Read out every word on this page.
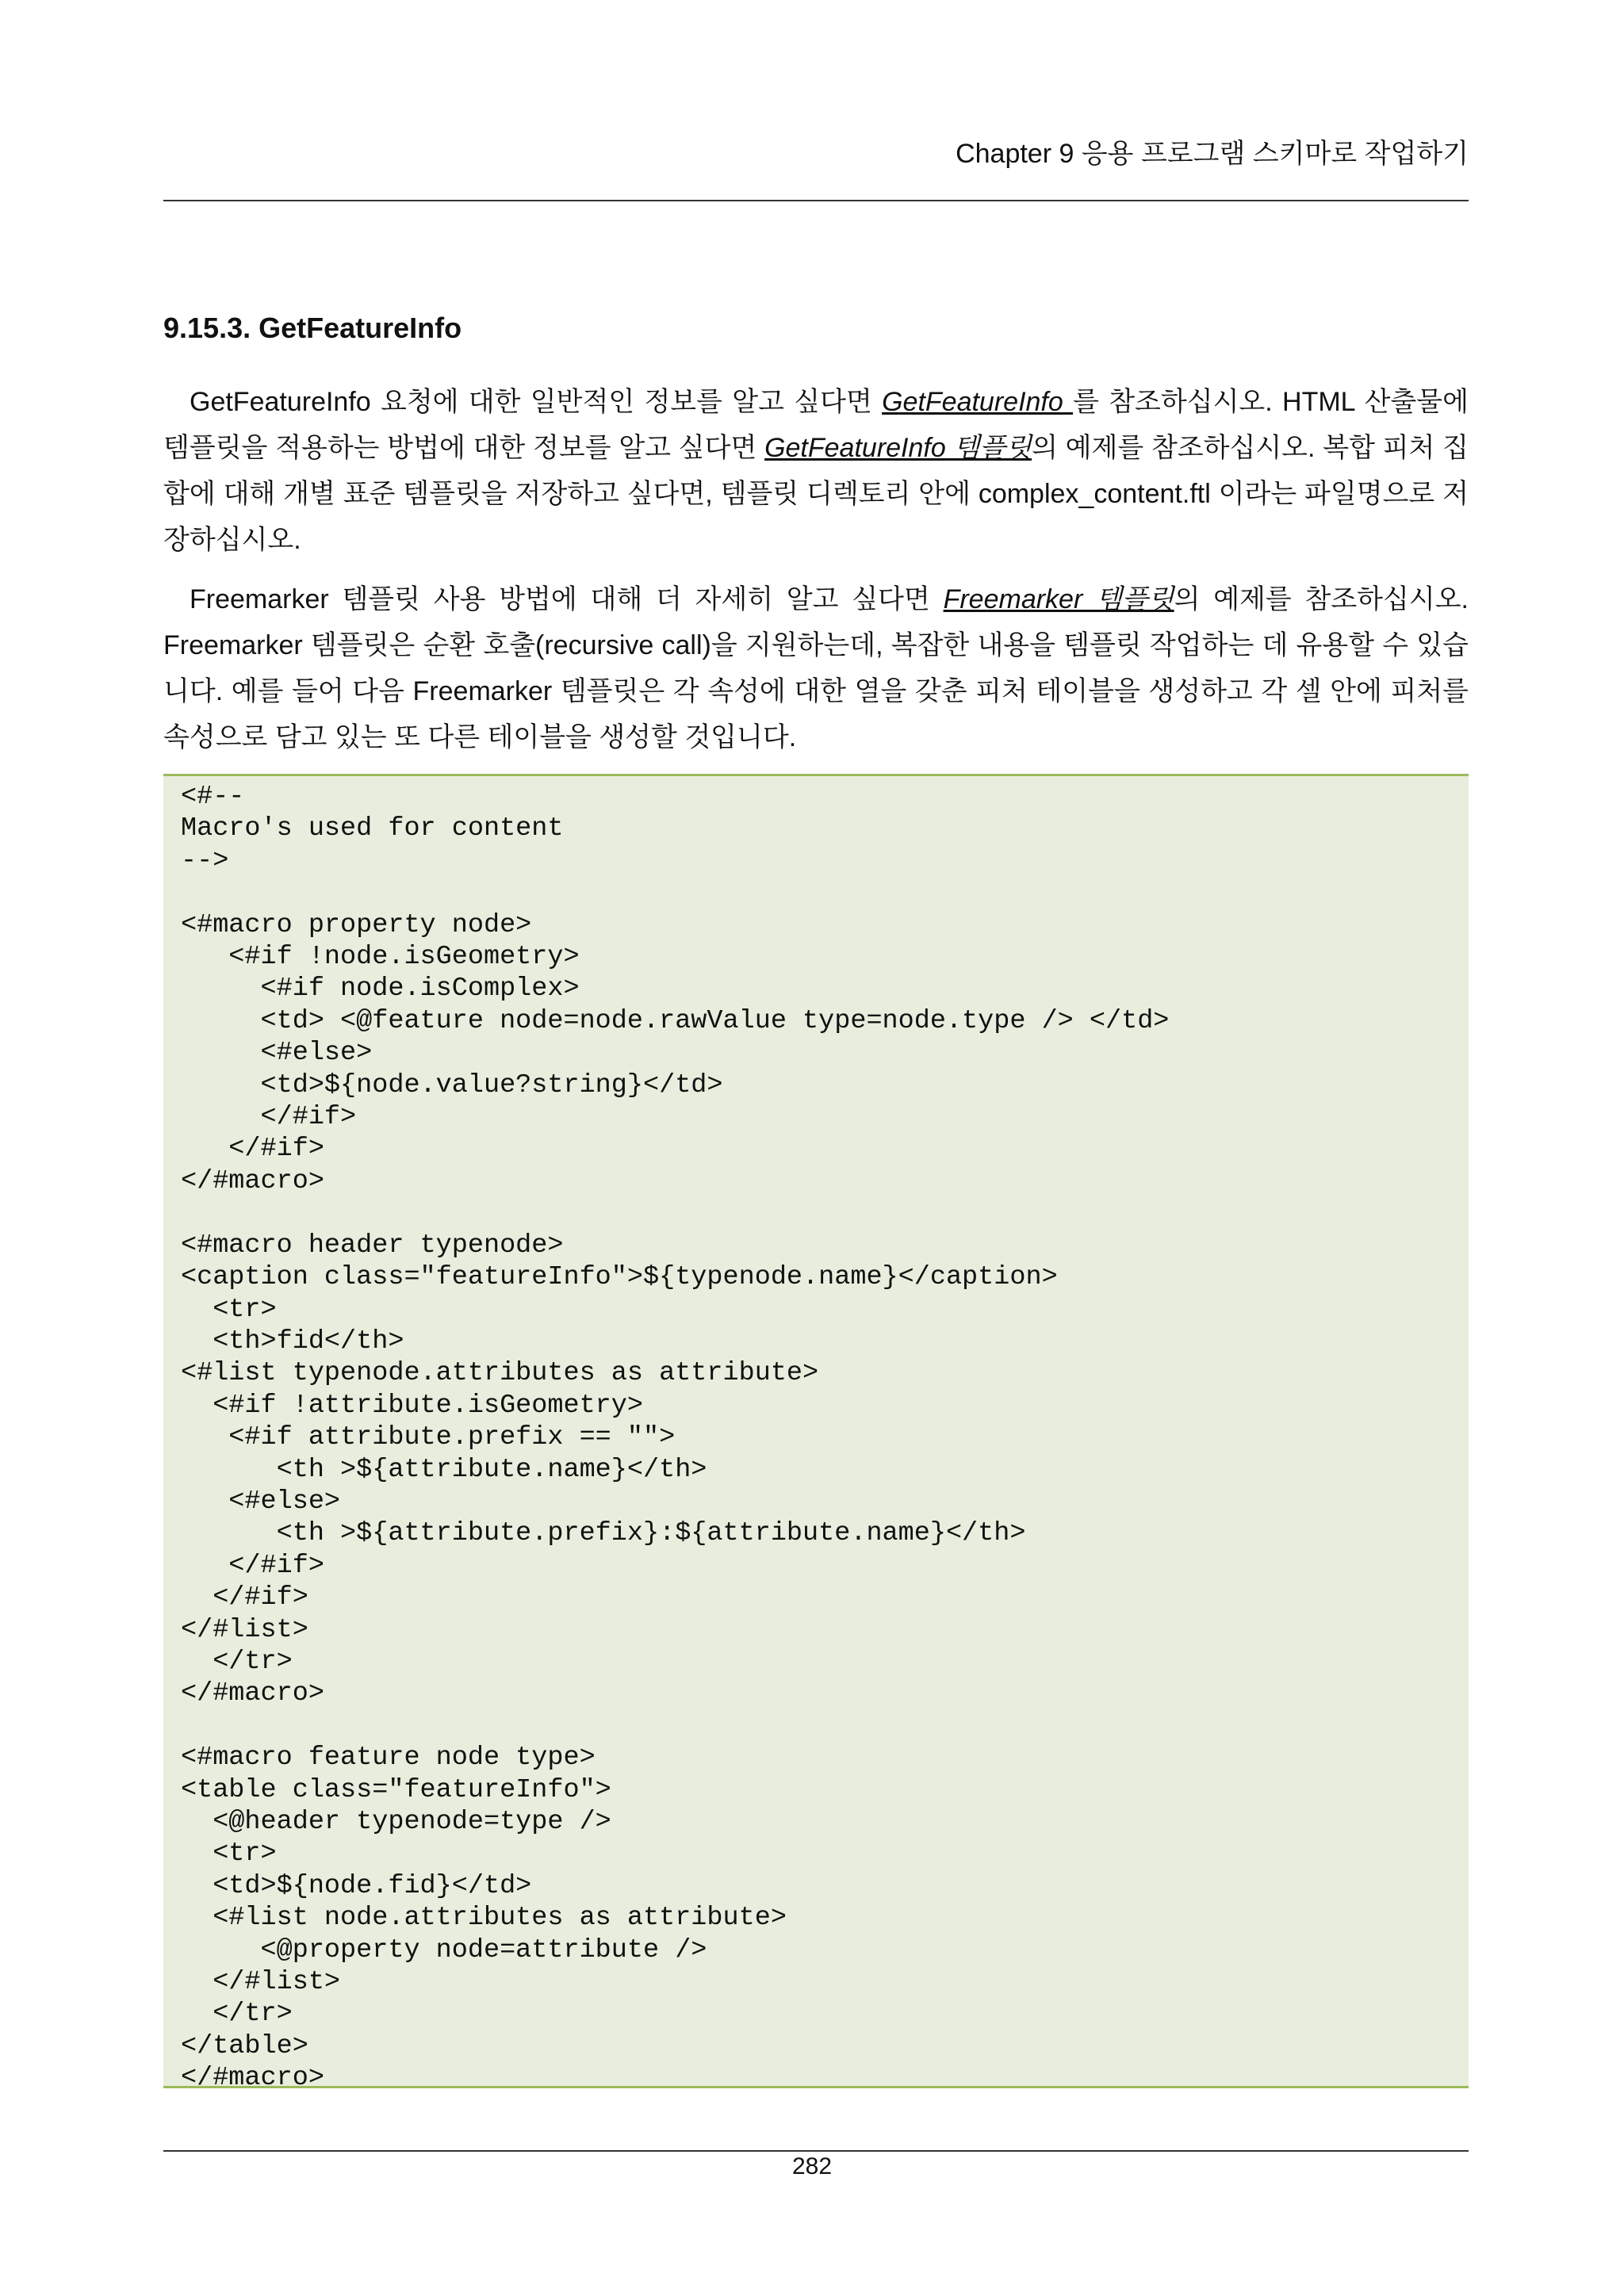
Chapter 9 응용 프로그램 스키마로 작업하기
9.15.3. GetFeatureInfo
GetFeatureInfo 요청에 대한 일반적인 정보를 알고 싶다면 GetFeatureInfo 를 참조하십시오. HTML 산출물에 템플릿을 적용하는 방법에 대한 정보를 알고 싶다면 GetFeatureInfo 템플릿의 예제를 참조하십시오. 복합 피처 집합에 대해 개별 표준 템플릿을 저장하고 싶다면, 템플릿 디렉토리 안에 complex_content.ftl 이라는 파일명으로 저장하십시오.
Freemarker 템플릿 사용 방법에 대해 더 자세히 알고 싶다면 Freemarker 템플릿의 예제를 참조하십시오. Freemarker 템플릿은 순환 호출(recursive call)을 지원하는데, 복잡한 내용을 템플릿 작업하는 데 유용할 수 있습니다. 예를 들어 다음 Freemarker 템플릿은 각 속성에 대한 열을 갖춘 피처 테이블을 생성하고 각 셀 안에 피처를 속성으로 담고 있는 또 다른 테이블을 생성할 것입니다.
<#--
Macro's used for content
-->

<#macro property node>
<#if !node.isGeometry>
<#if node.isComplex>
<td> <@feature node=node.rawValue type=node.type /> </td>
<#else>
<td>${node.value?string}</td>
</#if>
</#if>
</#macro>

<#macro header typenode>
<caption class="featureInfo">${typenode.name}</caption>
<tr>
<th>fid</th>
<#list typenode.attributes as attribute>
<#if !attribute.isGeometry>
<#if attribute.prefix == "">
<th >${attribute.name}</th>
<#else>
<th >${attribute.prefix}:${attribute.name}</th>
</#if>
</#if>
</#list>
</tr>
</#macro>

<#macro feature node type>
<table class="featureInfo">
<@header typenode=type />
<tr>
<td>${node.fid}</td>
<#list node.attributes as attribute>
<@property node=attribute />
</#list>
</tr>
</table>
</#macro>
282
